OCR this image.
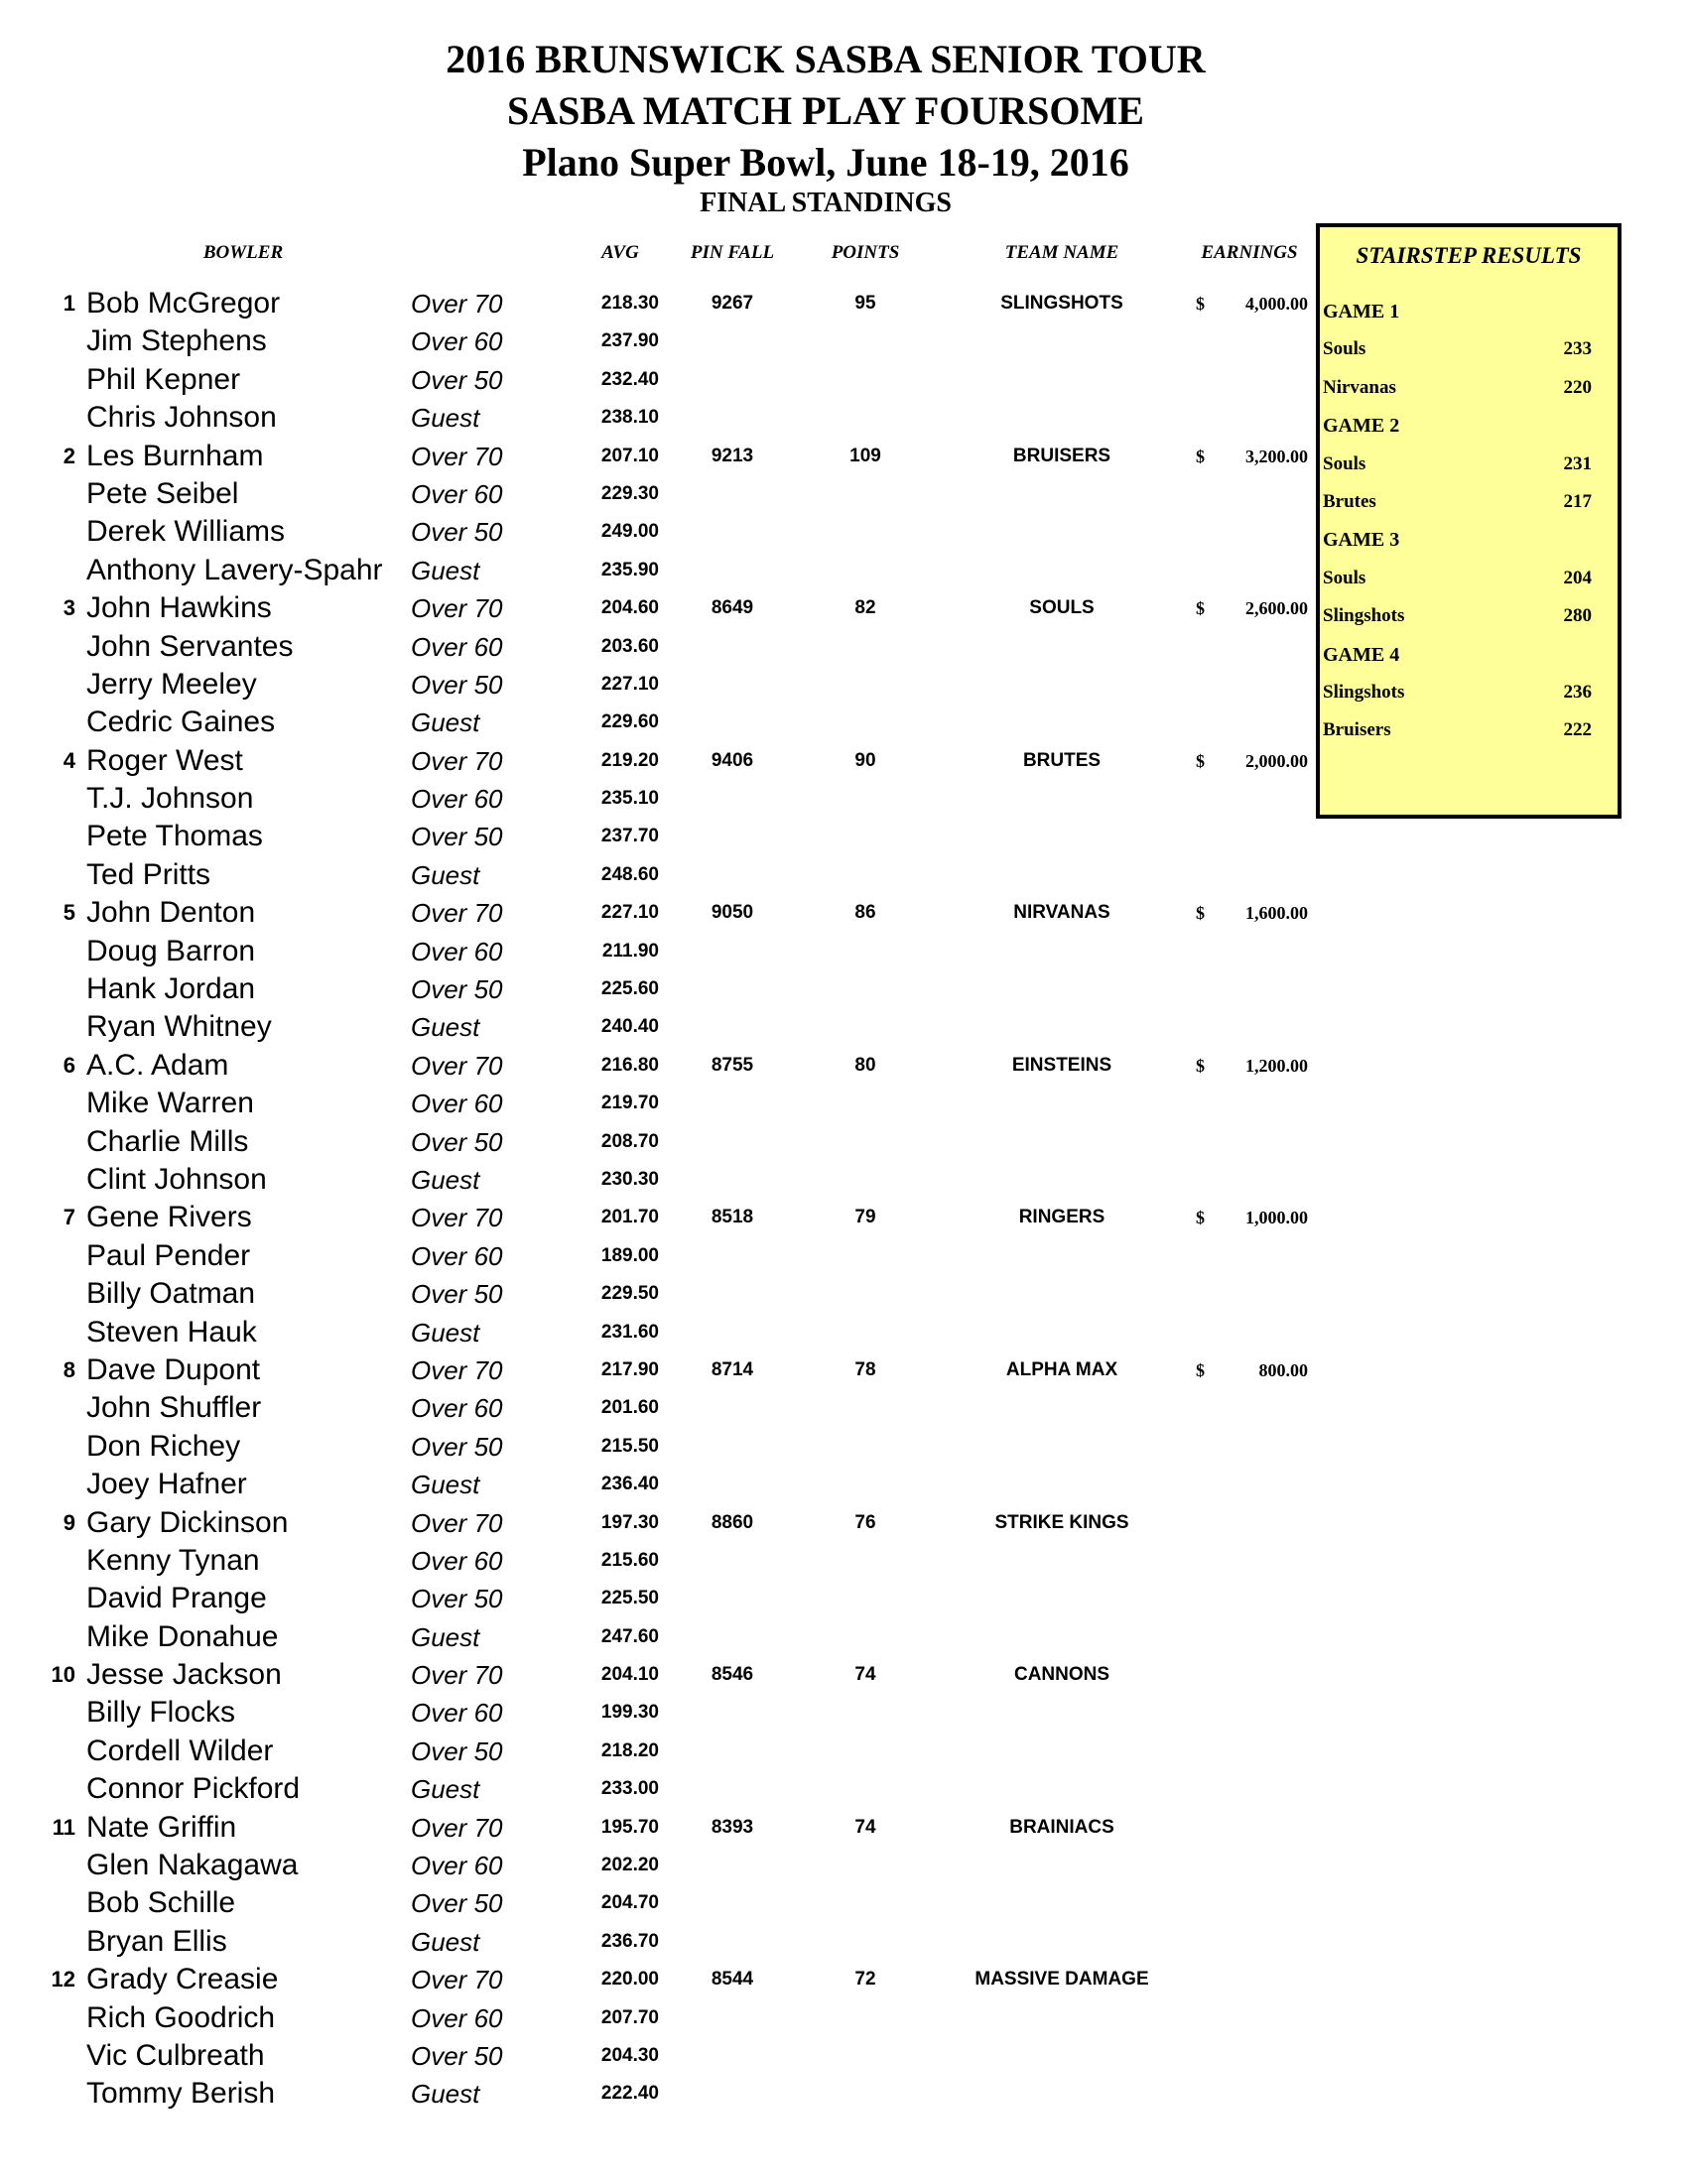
2016 BRUNSWICK SASBA SENIOR TOUR
SASBA MATCH PLAY FOURSOME
Plano Super Bowl, June 18-19, 2016
FINAL STANDINGS
BOWLER	AVG	PIN FALL	POINTS	TEAM NAME	EARNINGS
1 Bob McGregor	Over 70	218.30	9267	95	SLINGSHOTS	$	4,000.00
Jim Stephens	Over 60	237.90
Phil Kepner	Over 50	232.40
Chris Johnson	Guest	238.10
2 Les Burnham	Over 70	207.10	9213	109	BRUISERS	$	3,200.00
Pete Seibel	Over 60	229.30
Derek Williams	Over 50	249.00
Anthony Lavery-Spahr Guest	235.90
3 John Hawkins	Over 70	204.60	8649	82	SOULS	$	2,600.00
John Servantes	Over 60	203.60
Jerry Meeley	Over 50	227.10
Cedric Gaines	Guest	229.60
4 Roger West	Over 70	219.20	9406	90	BRUTES	$	2,000.00
T.J. Johnson	Over 60	235.10
Pete Thomas	Over 50	237.70
Ted Pritts	Guest	248.60
5 John Denton	Over 70	227.10	9050	86	NIRVANAS	$	1,600.00
Doug Barron	Over 60	211.90
Hank Jordan	Over 50	225.60
Ryan Whitney	Guest	240.40
6 A.C. Adam	Over 70	216.80	8755	80	EINSTEINS	$	1,200.00
Mike Warren	Over 60	219.70
Charlie Mills	Over 50	208.70
Clint Johnson	Guest	230.30
7 Gene Rivers	Over 70	201.70	8518	79	RINGERS	$	1,000.00
Paul Pender	Over 60	189.00
Billy Oatman	Over 50	229.50
Steven Hauk	Guest	231.60
8 Dave Dupont	Over 70	217.90	8714	78	ALPHA MAX	$	800.00
John Shuffler	Over 60	201.60
Don Richey	Over 50	215.50
Joey Hafner	Guest	236.40
9 Gary Dickinson	Over 70	197.30	8860	76	STRIKE KINGS
Kenny Tynan	Over 60	215.60
David Prange	Over 50	225.50
Mike Donahue	Guest	247.60
10 Jesse Jackson	Over 70	204.10	8546	74	CANNONS
Billy Flocks	Over 60	199.30
Cordell Wilder	Over 50	218.20
Connor Pickford	Guest	233.00
11 Nate Griffin	Over 70	195.70	8393	74	BRAINIACS
Glen Nakagawa	Over 60	202.20
Bob Schille	Over 50	204.70
Bryan Ellis	Guest	236.70
12 Grady Creasie	Over 70	220.00	8544	72	MASSIVE DAMAGE
Rich Goodrich	Over 60	207.70
Vic Culbreath	Over 50	204.30
Tommy Berish	Guest	222.40
STAIRSTEP RESULTS
GAME 1
Souls	233
Nirvanas	220
GAME 2
Souls	231
Brutes	217
GAME 3
Souls	204
Slingshots	280
GAME 4
Slingshots	236
Bruisers	222
